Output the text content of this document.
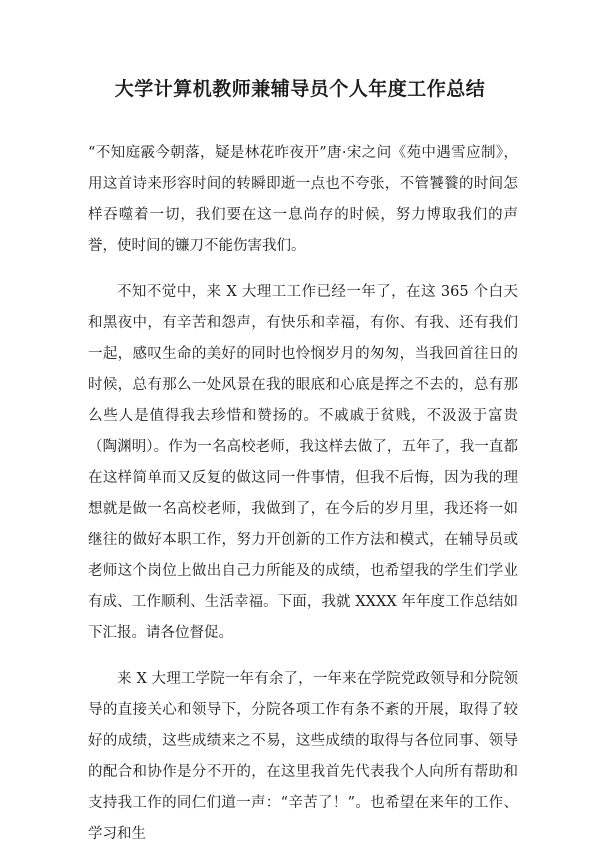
大学计算机教师兼辅导员个人年度工作总结

“不知庭霰今朝落，疑是林花昨夜开”唐·宋之问《苑中遇雪应制》，用这首诗来形容时间的转瞬即逝一点也不夸张，不管饕餮的时间怎样吞噬着一切，我们要在这一息尚存的时候，努力博取我们的声誉，使时间的镰刀不能伤害我们。

不知不觉中，来 X 大理工工作已经一年了，在这 365 个白天和黑夜中，有辛苦和怨声，有快乐和幸福，有你、有我、还有我们一起，感叹生命的美好的同时也怜悯岁月的匆匆，当我回首往日的时候，总有那么一处风景在我的眼底和心底是挥之不去的，总有那么些人是值得我去珍惜和赞扬的。不戚戚于贫贱，不汲汲于富贵（陶渊明）。作为一名高校老师，我这样去做了，五年了，我一直都在这样简单而又反复的做这同一件事情，但我不后悔，因为我的理想就是做一名高校老师，我做到了，在今后的岁月里，我还将一如继往的做好本职工作，努力开创新的工作方法和模式，在辅导员或老师这个岗位上做出自己力所能及的成绩，也希望我的学生们学业有成、工作顺利、生活幸福。下面，我就 XXXX 年年度工作总结如下汇报。请各位督促。

来 X 大理工学院一年有余了，一年来在学院党政领导和分院领导的直接关心和领导下，分院各项工作有条不紊的开展，取得了较好的成绩，这些成绩来之不易，这些成绩的取得与各位同事、领导的配合和协作是分不开的，在这里我首先代表我个人向所有帮助和支持我工作的同仁们道一声：“辛苦了！”。也希望在来年的工作、学习和生
